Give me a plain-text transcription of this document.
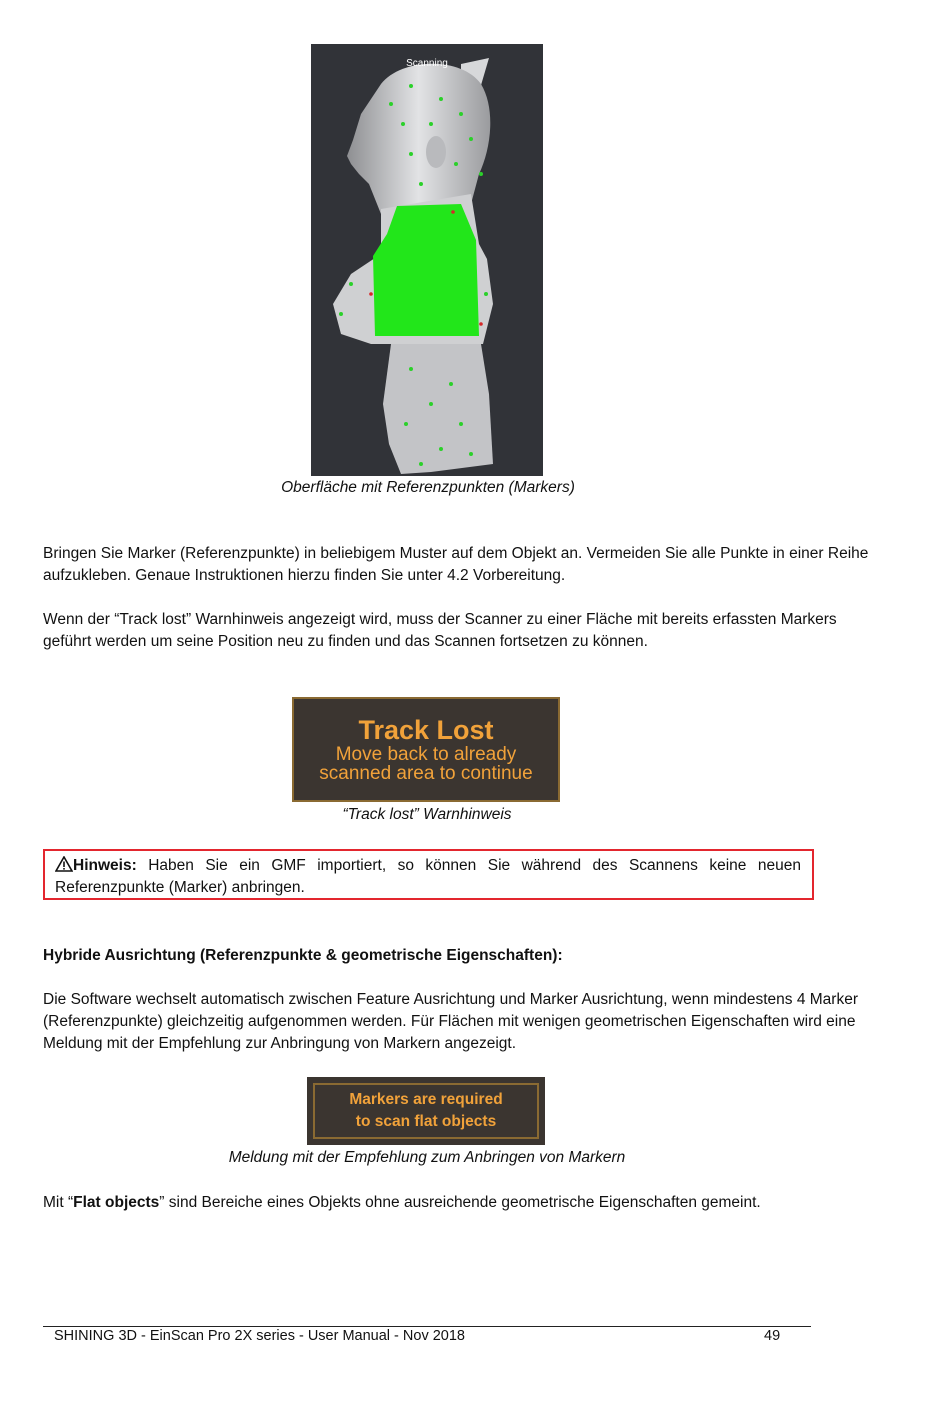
Scanning
Oberfläche mit Referenzpunkten (Markers)

Bringen Sie Marker (Referenzpunkte) in beliebigem Muster auf dem Objekt an. Vermeiden Sie alle Punkte in einer Reihe aufzukleben. Genaue Instruktionen hierzu finden Sie unter 4.2 Vorbereitung.

Wenn der “Track lost” Warnhinweis angezeigt wird, muss der Scanner zu einer Fläche mit bereits erfassten Markers geführt werden um seine Position neu zu finden und das Scannen fortsetzen zu können.

Track Lost
Move back to already
scanned area to continue
“Track lost” Warnhinweis
Hinweis: Haben Sie ein GMF importiert, so können Sie während des Scannens keine neuen Referenzpunkte (Marker) anbringen.
Hybride Ausrichtung (Referenzpunkte & geometrische Eigenschaften):

Die Software wechselt automatisch zwischen Feature Ausrichtung und Marker Ausrichtung, wenn mindestens 4 Marker (Referenzpunkte) gleichzeitig aufgenommen werden. Für Flächen mit wenigen geometrischen Eigenschaften wird eine Meldung mit der Empfehlung zur Anbringung von Markern angezeigt.

Markers are required
to scan flat objects
Meldung mit der Empfehlung zum Anbringen von Markern

Mit “Flat objects” sind Bereiche eines Objekts ohne ausreichende geometrische Eigenschaften gemeint.

SHINING 3D - EinScan Pro 2X series - User Manual - Nov 2018	49
